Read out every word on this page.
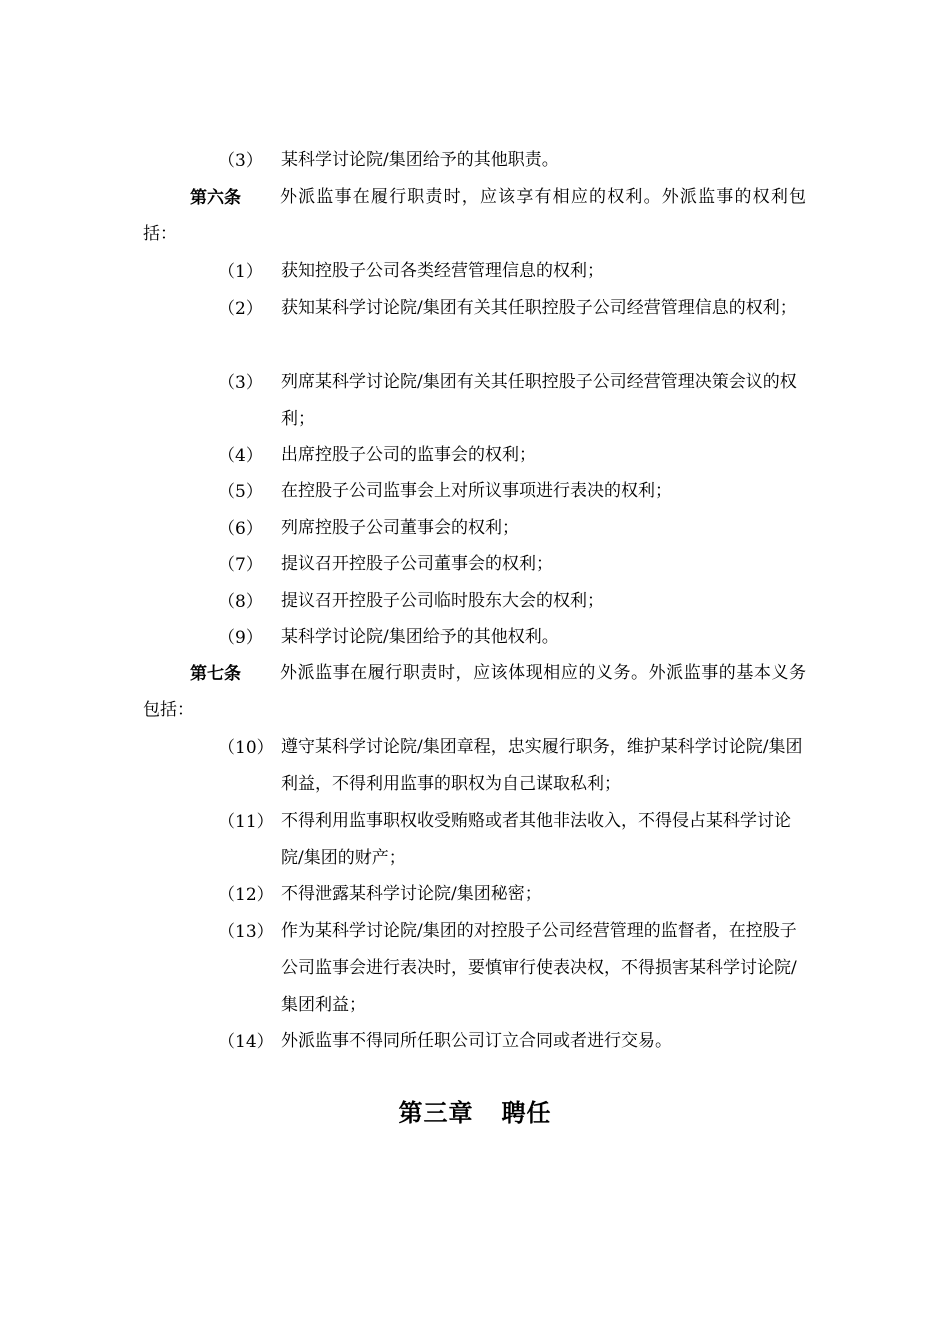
（3）	某科学讨论院/集团给予的其他职责。
第六条	外派监事在履行职责时，应该享有相应的权利。外派监事的权利包括：
（1）	获知控股子公司各类经营管理信息的权利；
（2）	获知某科学讨论院/集团有关其任职控股子公司经营管理信息的权利；
（3）	列席某科学讨论院/集团有关其任职控股子公司经营管理决策会议的权利；
（4）	出席控股子公司的监事会的权利；
（5）	在控股子公司监事会上对所议事项进行表决的权利；
（6）	列席控股子公司董事会的权利；
（7）	提议召开控股子公司董事会的权利；
（8）	提议召开控股子公司临时股东大会的权利；
（9）	某科学讨论院/集团给予的其他权利。
第七条	外派监事在履行职责时，应该体现相应的义务。外派监事的基本义务包括：
（10） 遵守某科学讨论院/集团章程，忠实履行职务，维护某科学讨论院/集团利益，不得利用监事的职权为自己谋取私利；
（11） 不得利用监事职权收受贿赂或者其他非法收入，不得侵占某科学讨论院/集团的财产；
（12） 不得泄露某科学讨论院/集团秘密；
（13） 作为某科学讨论院/集团的对控股子公司经营管理的监督者，在控股子公司监事会进行表决时，要慎审行使表决权，不得损害某科学讨论院/集团利益；
（14） 外派监事不得同所任职公司订立合同或者进行交易。
第三章 聘任
